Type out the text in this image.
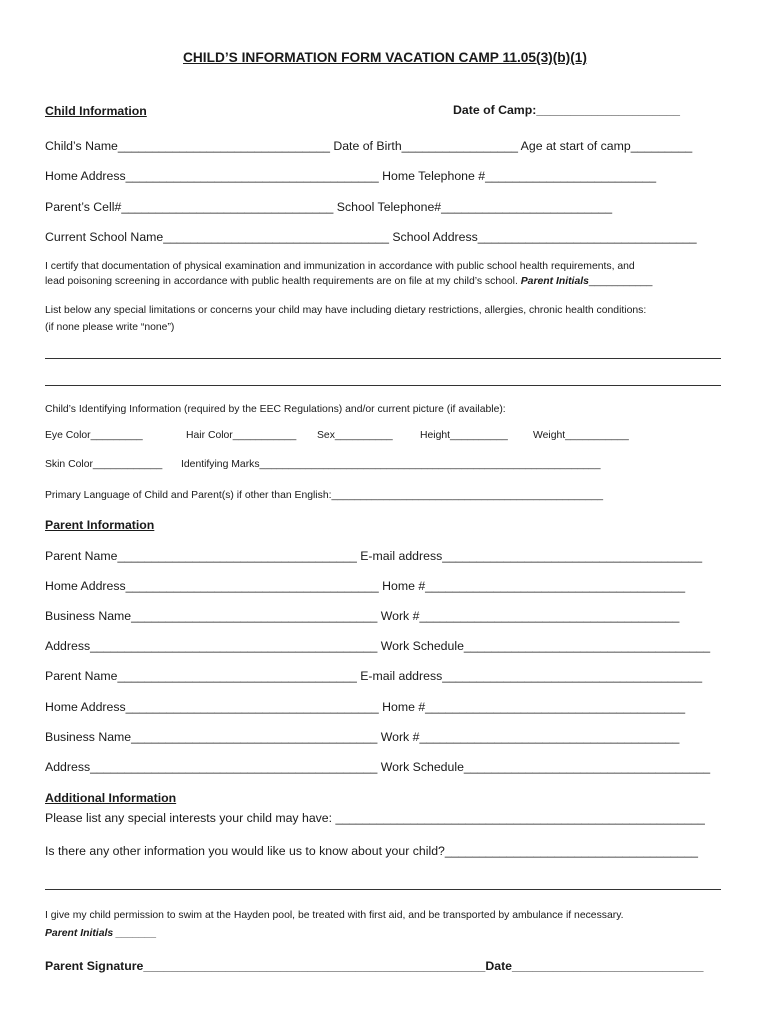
CHILD’S INFORMATION FORM VACATION CAMP 11.05(3)(b)(1)
Child Information	Date of Camp:_____________________
Child’s Name_______________________________ Date of Birth_________________ Age at start of camp_________
Home Address_____________________________________ Home Telephone #_________________________
Parent’s Cell#_______________________________ School Telephone#_________________________
Current School Name_________________________________ School Address________________________________
I certify that documentation of physical examination and immunization in accordance with public school health requirements, and
lead poisoning screening in accordance with public health requirements are on file at my child’s school. Parent Initials___________
List below any special limitations or concerns your child may have including dietary restrictions, allergies, chronic health conditions:
(if none please write “none”)
Child’s Identifying Information (required by the EEC Regulations) and/or current picture (if available):
Eye Color_________	Hair Color___________ Sex__________	Height__________ Weight___________
Skin Color____________ Identifying Marks___________________________________________________________
Primary Language of Child and Parent(s) if other than English:_______________________________________________
Parent Information
Parent Name___________________________________ E-mail address______________________________________
Home Address_____________________________________ Home #______________________________________
Business Name____________________________________ Work #______________________________________
Address__________________________________________ Work Schedule____________________________________
Parent Name___________________________________ E-mail address______________________________________
Home Address_____________________________________ Home #______________________________________
Business Name____________________________________ Work #______________________________________
Address__________________________________________ Work Schedule____________________________________
Additional Information
Please list any special interests your child may have: ______________________________________________________
Is there any other information you would like us to know about your child?_____________________________________
I give my child permission to swim at the Hayden pool, be treated with first aid, and be transported by ambulance if necessary.
Parent Initials _______
Parent Signature__________________________________________________Date____________________________
